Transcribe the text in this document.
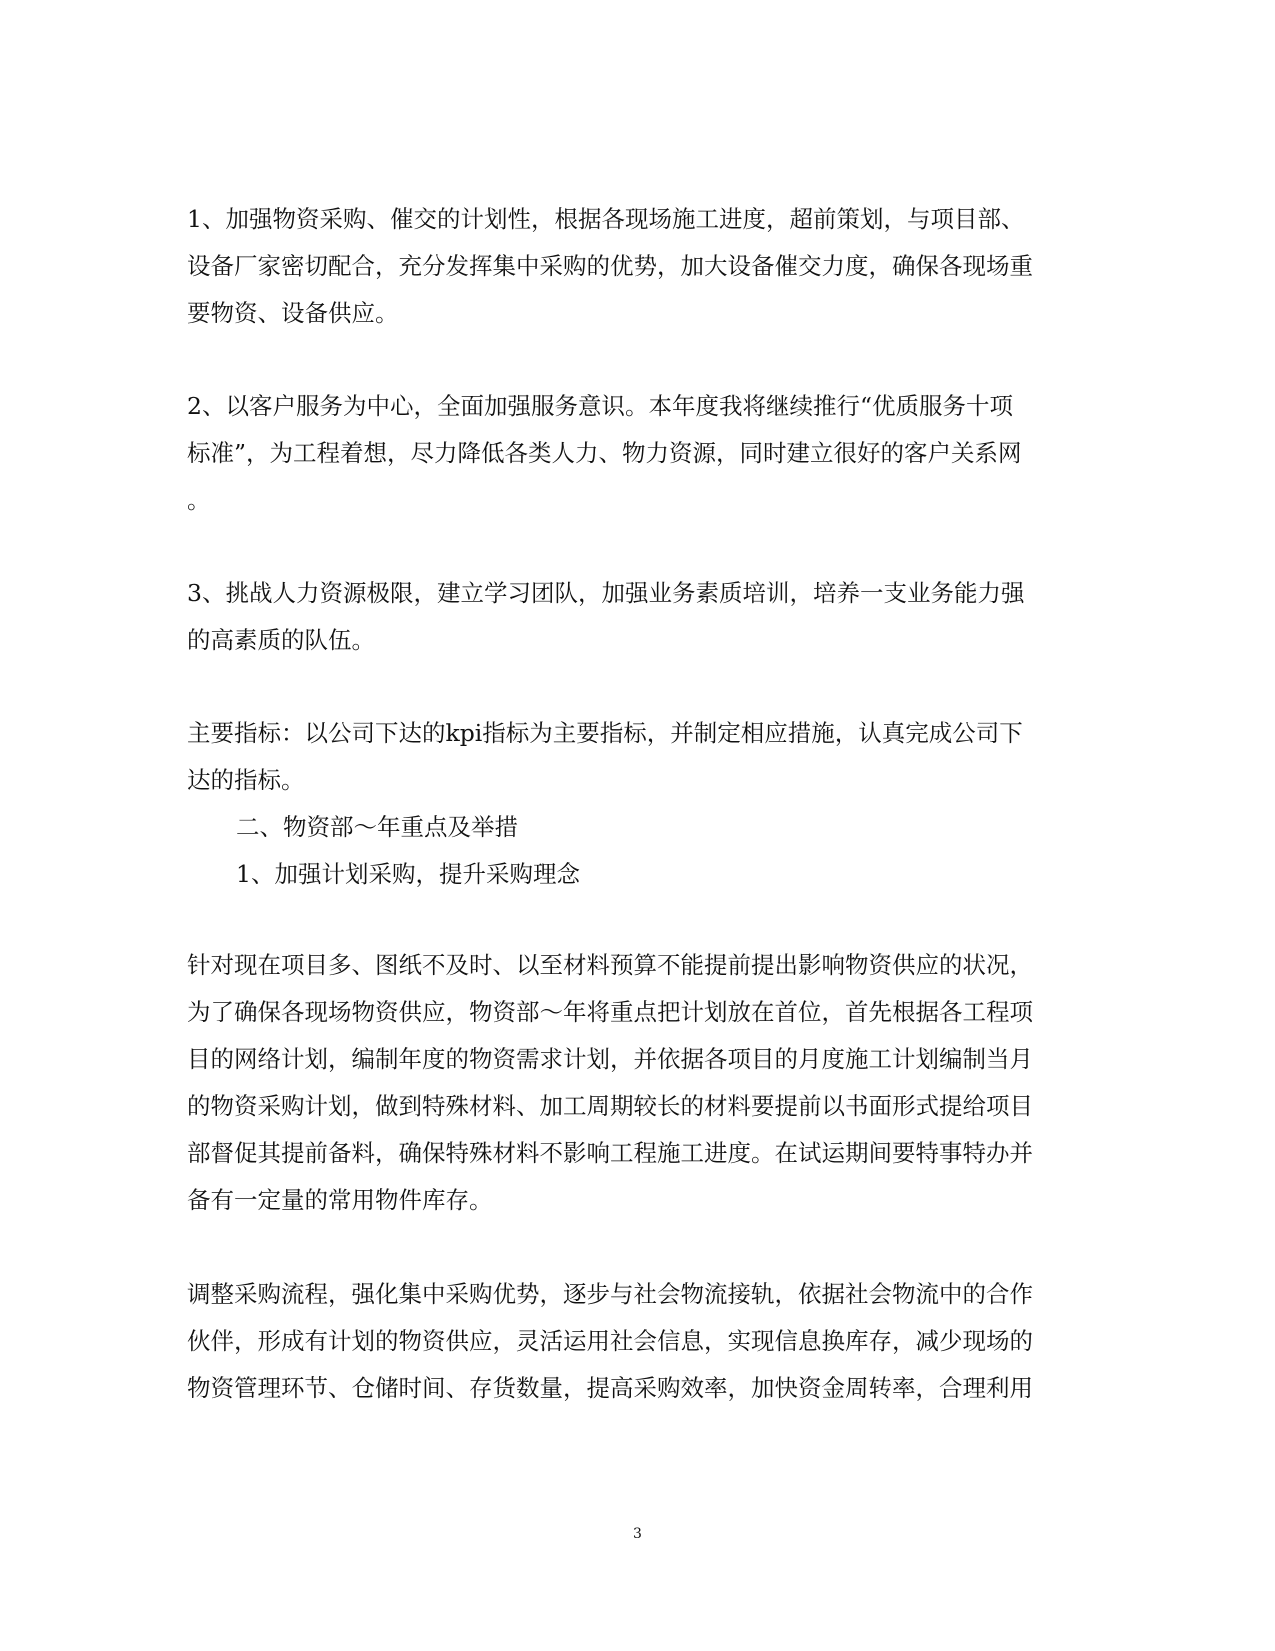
1、加强物资采购、催交的计划性，根据各现场施工进度，超前策划，与项目部、
设备厂家密切配合，充分发挥集中采购的优势，加大设备催交力度，确保各现场重
要物资、设备供应。
2、以客户服务为中心，全面加强服务意识。本年度我将继续推行“优质服务十项
标准”，为工程着想，尽力降低各类人力、物力资源，同时建立很好的客户关系网
。
3、挑战人力资源极限，建立学习团队，加强业务素质培训，培养一支业务能力强
的高素质的队伍。
主要指标：以公司下达的kpi指标为主要指标，并制定相应措施，认真完成公司下
达的指标。
二、物资部～年重点及举措
1、加强计划采购，提升采购理念
针对现在项目多、图纸不及时、以至材料预算不能提前提出影响物资供应的状况，
为了确保各现场物资供应，物资部～年将重点把计划放在首位，首先根据各工程项
目的网络计划，编制年度的物资需求计划，并依据各项目的月度施工计划编制当月
的物资采购计划，做到特殊材料、加工周期较长的材料要提前以书面形式提给项目
部督促其提前备料，确保特殊材料不影响工程施工进度。在试运期间要特事特办并
备有一定量的常用物件库存。
调整采购流程，强化集中采购优势，逐步与社会物流接轨，依据社会物流中的合作
伙伴，形成有计划的物资供应，灵活运用社会信息，实现信息换库存，减少现场的
物资管理环节、仓储时间、存货数量，提高采购效率，加快资金周转率，合理利用
3
